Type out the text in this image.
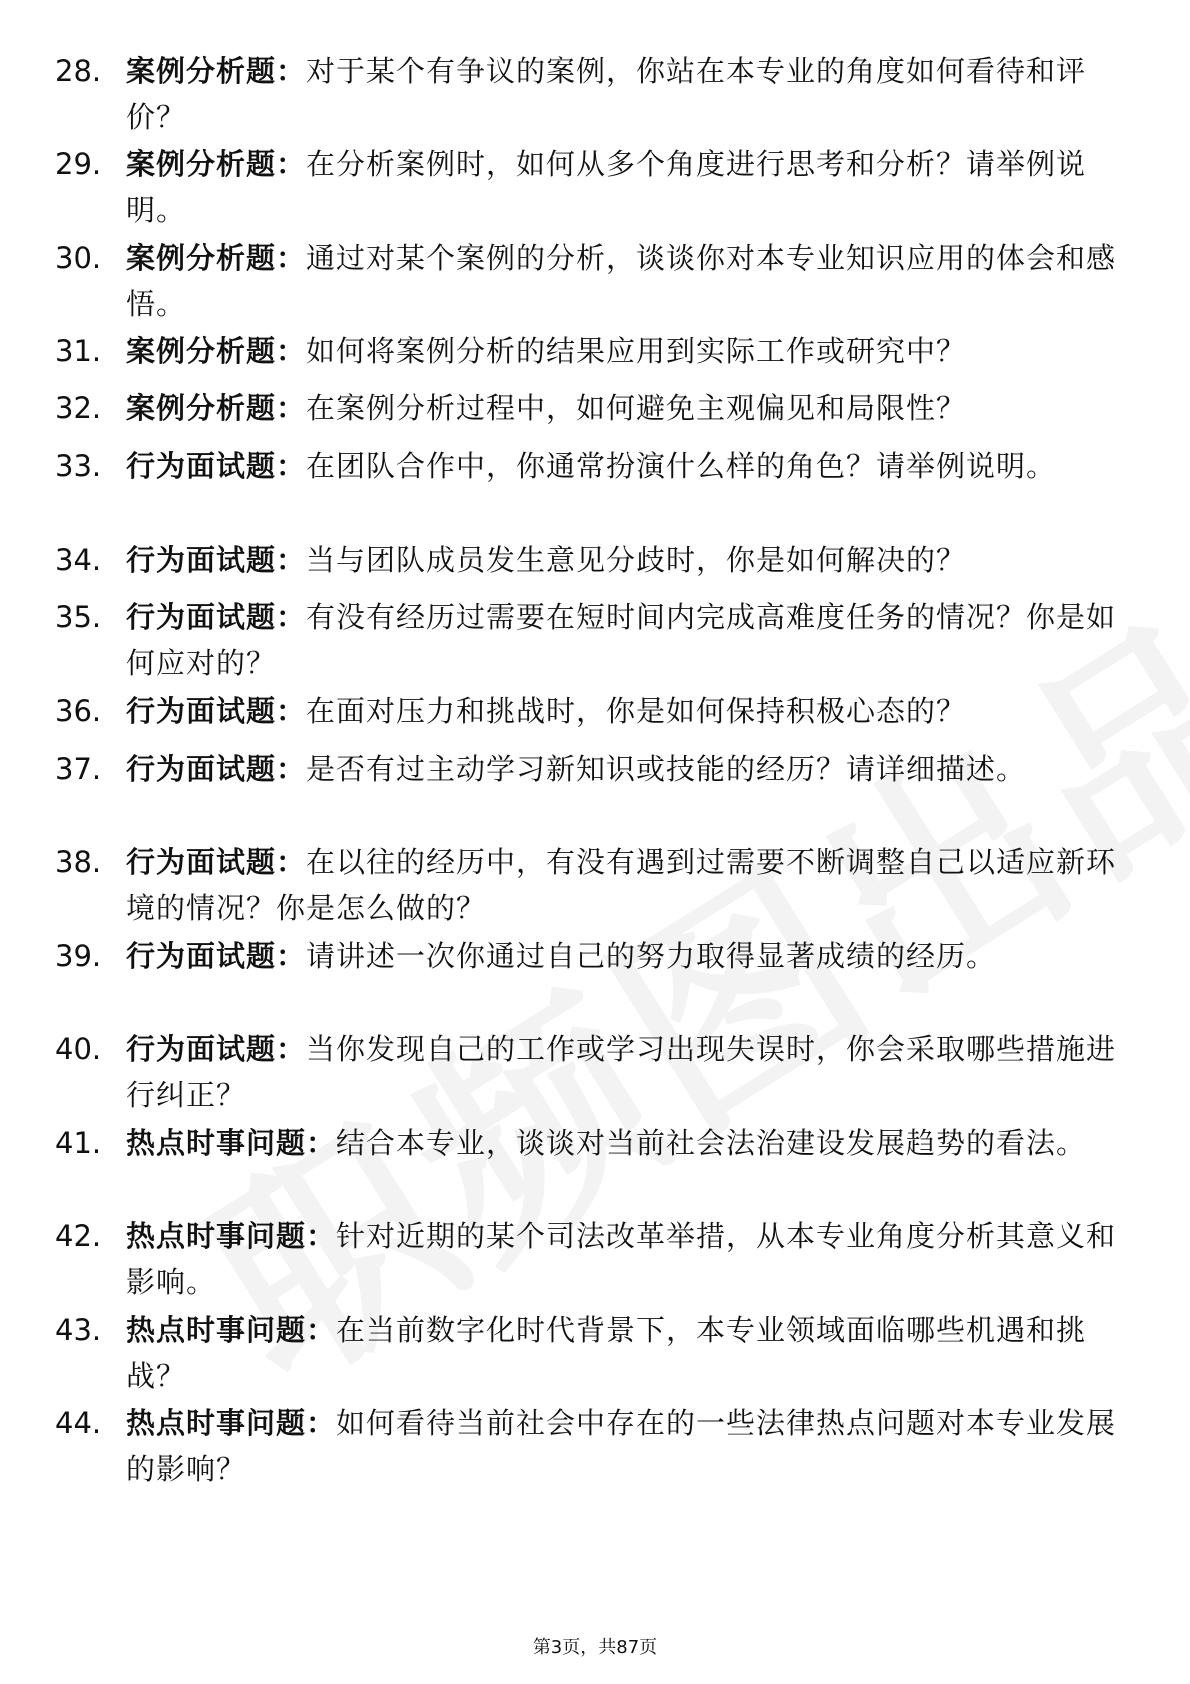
28. 案例分析题：对于某个有争议的案例，你站在本专业的角度如何看待和评价？
29. 案例分析题：在分析案例时，如何从多个角度进行思考和分析？请举例说明。
30. 案例分析题：通过对某个案例的分析，谈谈你对本专业知识应用的体会和感悟。
31. 案例分析题：如何将案例分析的结果应用到实际工作或研究中？
32. 案例分析题：在案例分析过程中，如何避免主观偏见和局限性？
33. 行为面试题：在团队合作中，你通常扮演什么样的角色？请举例说明。
34. 行为面试题：当与团队成员发生意见分歧时，你是如何解决的？
35. 行为面试题：有没有经历过需要在短时间内完成高难度任务的情况？你是如何应对的？
36. 行为面试题：在面对压力和挑战时，你是如何保持积极心态的？
37. 行为面试题：是否有过主动学习新知识或技能的经历？请详细描述。
38. 行为面试题：在以往的经历中，有没有遇到过需要不断调整自己以适应新环境的情况？你是怎么做的？
39. 行为面试题：请讲述一次你通过自己的努力取得显著成绩的经历。
40. 行为面试题：当你发现自己的工作或学习出现失误时，你会采取哪些措施进行纠正？
41. 热点时事问题：结合本专业，谈谈对当前社会法治建设发展趋势的看法。
42. 热点时事问题：针对近期的某个司法改革举措，从本专业角度分析其意义和影响。
43. 热点时事问题：在当前数字化时代背景下，本专业领域面临哪些机遇和挑战？
44. 热点时事问题：如何看待当前社会中存在的一些法律热点问题对本专业发展的影响？
第3页，共87页
